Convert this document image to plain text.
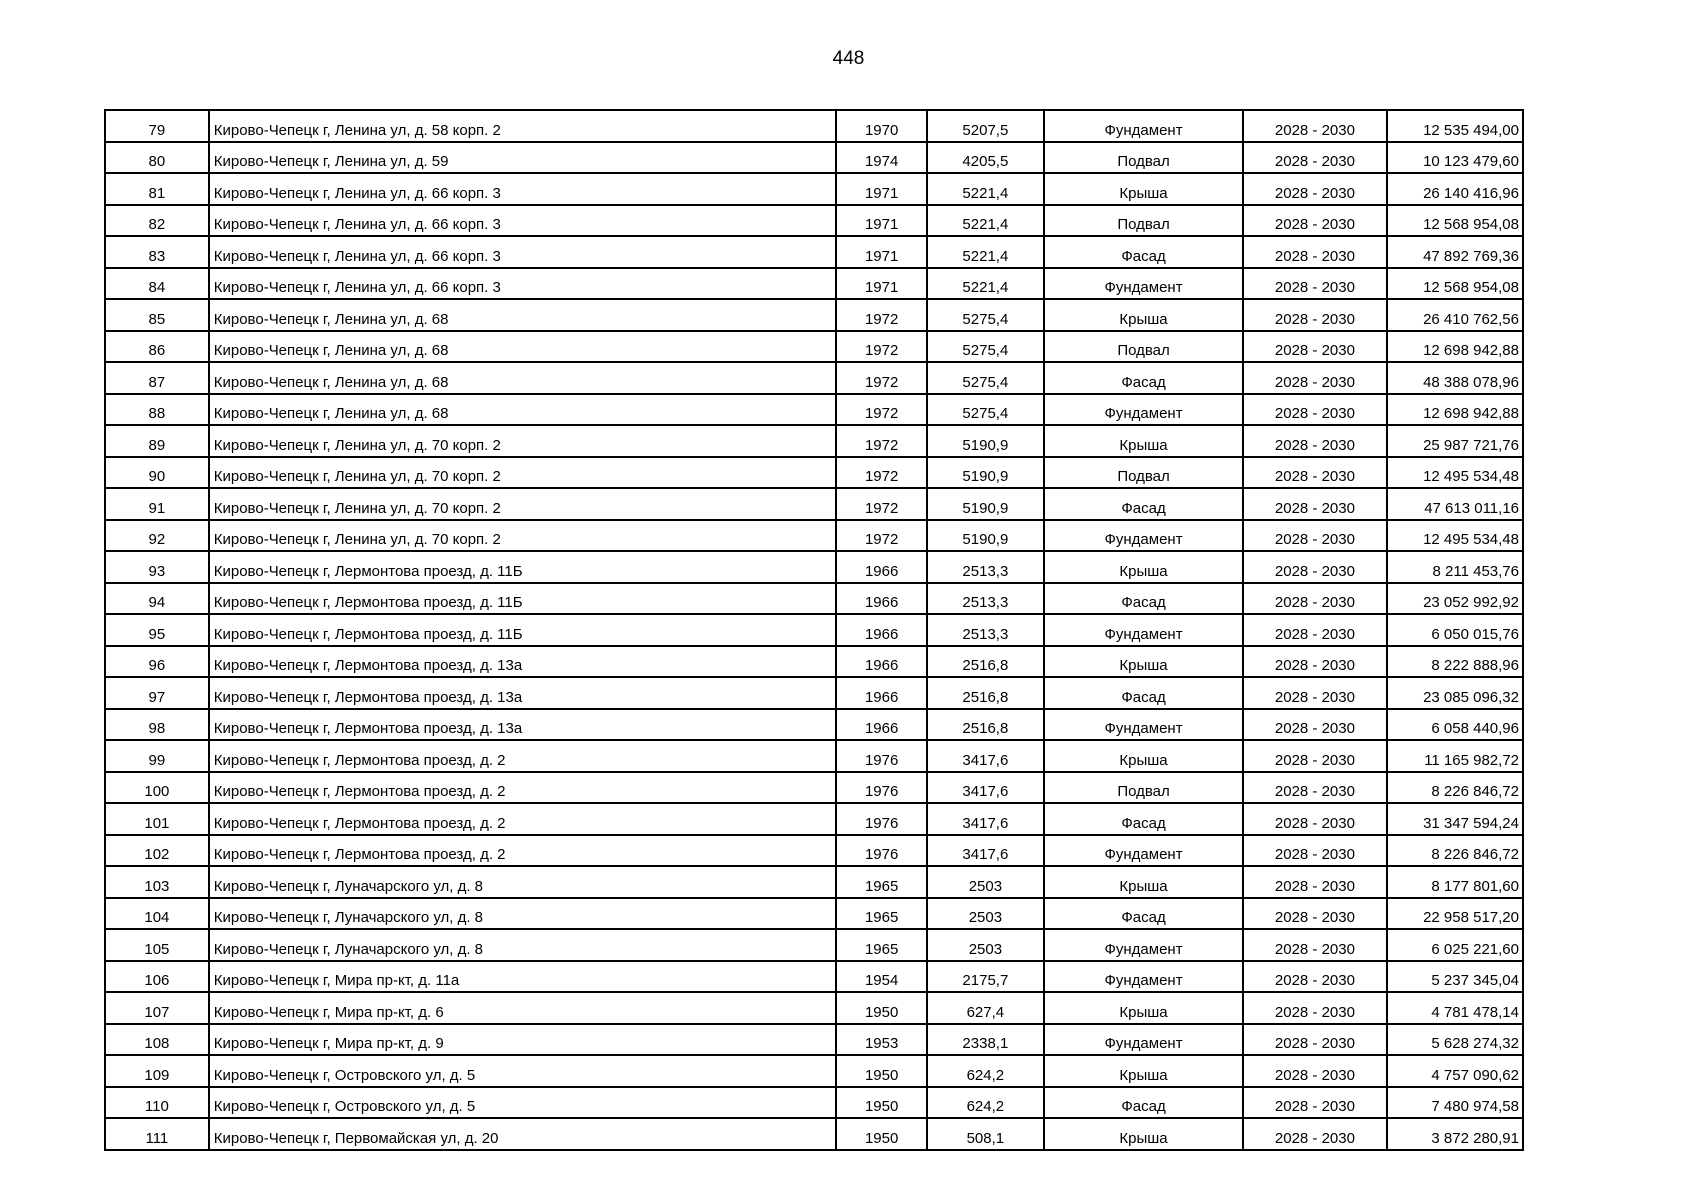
448
79	Кирово-Чепецк г, Ленина ул, д. 58 корп. 2	1970	5207,5	Фундамент	2028 - 2030	12 535 494,00
80	Кирово-Чепецк г, Ленина ул, д. 59	1974	4205,5	Подвал	2028 - 2030	10 123 479,60
81	Кирово-Чепецк г, Ленина ул, д. 66 корп. 3	1971	5221,4	Крыша	2028 - 2030	26 140 416,96
82	Кирово-Чепецк г, Ленина ул, д. 66 корп. 3	1971	5221,4	Подвал	2028 - 2030	12 568 954,08
83	Кирово-Чепецк г, Ленина ул, д. 66 корп. 3	1971	5221,4	Фасад	2028 - 2030	47 892 769,36
84	Кирово-Чепецк г, Ленина ул, д. 66 корп. 3	1971	5221,4	Фундамент	2028 - 2030	12 568 954,08
85	Кирово-Чепецк г, Ленина ул, д. 68	1972	5275,4	Крыша	2028 - 2030	26 410 762,56
86	Кирово-Чепецк г, Ленина ул, д. 68	1972	5275,4	Подвал	2028 - 2030	12 698 942,88
87	Кирово-Чепецк г, Ленина ул, д. 68	1972	5275,4	Фасад	2028 - 2030	48 388 078,96
88	Кирово-Чепецк г, Ленина ул, д. 68	1972	5275,4	Фундамент	2028 - 2030	12 698 942,88
89	Кирово-Чепецк г, Ленина ул, д. 70 корп. 2	1972	5190,9	Крыша	2028 - 2030	25 987 721,76
90	Кирово-Чепецк г, Ленина ул, д. 70 корп. 2	1972	5190,9	Подвал	2028 - 2030	12 495 534,48
91	Кирово-Чепецк г, Ленина ул, д. 70 корп. 2	1972	5190,9	Фасад	2028 - 2030	47 613 011,16
92	Кирово-Чепецк г, Ленина ул, д. 70 корп. 2	1972	5190,9	Фундамент	2028 - 2030	12 495 534,48
93	Кирово-Чепецк г, Лермонтова проезд, д. 11Б	1966	2513,3	Крыша	2028 - 2030	8 211 453,76
94	Кирово-Чепецк г, Лермонтова проезд, д. 11Б	1966	2513,3	Фасад	2028 - 2030	23 052 992,92
95	Кирово-Чепецк г, Лермонтова проезд, д. 11Б	1966	2513,3	Фундамент	2028 - 2030	6 050 015,76
96	Кирово-Чепецк г, Лермонтова проезд, д. 13а	1966	2516,8	Крыша	2028 - 2030	8 222 888,96
97	Кирово-Чепецк г, Лермонтова проезд, д. 13а	1966	2516,8	Фасад	2028 - 2030	23 085 096,32
98	Кирово-Чепецк г, Лермонтова проезд, д. 13а	1966	2516,8	Фундамент	2028 - 2030	6 058 440,96
99	Кирово-Чепецк г, Лермонтова проезд, д. 2	1976	3417,6	Крыша	2028 - 2030	11 165 982,72
100	Кирово-Чепецк г, Лермонтова проезд, д. 2	1976	3417,6	Подвал	2028 - 2030	8 226 846,72
101	Кирово-Чепецк г, Лермонтова проезд, д. 2	1976	3417,6	Фасад	2028 - 2030	31 347 594,24
102	Кирово-Чепецк г, Лермонтова проезд, д. 2	1976	3417,6	Фундамент	2028 - 2030	8 226 846,72
103	Кирово-Чепецк г, Луначарского ул, д. 8	1965	2503	Крыша	2028 - 2030	8 177 801,60
104	Кирово-Чепецк г, Луначарского ул, д. 8	1965	2503	Фасад	2028 - 2030	22 958 517,20
105	Кирово-Чепецк г, Луначарского ул, д. 8	1965	2503	Фундамент	2028 - 2030	6 025 221,60
106	Кирово-Чепецк г, Мира пр-кт, д. 11а	1954	2175,7	Фундамент	2028 - 2030	5 237 345,04
107	Кирово-Чепецк г, Мира пр-кт, д. 6	1950	627,4	Крыша	2028 - 2030	4 781 478,14
108	Кирово-Чепецк г, Мира пр-кт, д. 9	1953	2338,1	Фундамент	2028 - 2030	5 628 274,32
109	Кирово-Чепецк г, Островского ул, д. 5	1950	624,2	Крыша	2028 - 2030	4 757 090,62
110	Кирово-Чепецк г, Островского ул, д. 5	1950	624,2	Фасад	2028 - 2030	7 480 974,58
111	Кирово-Чепецк г, Первомайская ул, д. 20	1950	508,1	Крыша	2028 - 2030	3 872 280,91
